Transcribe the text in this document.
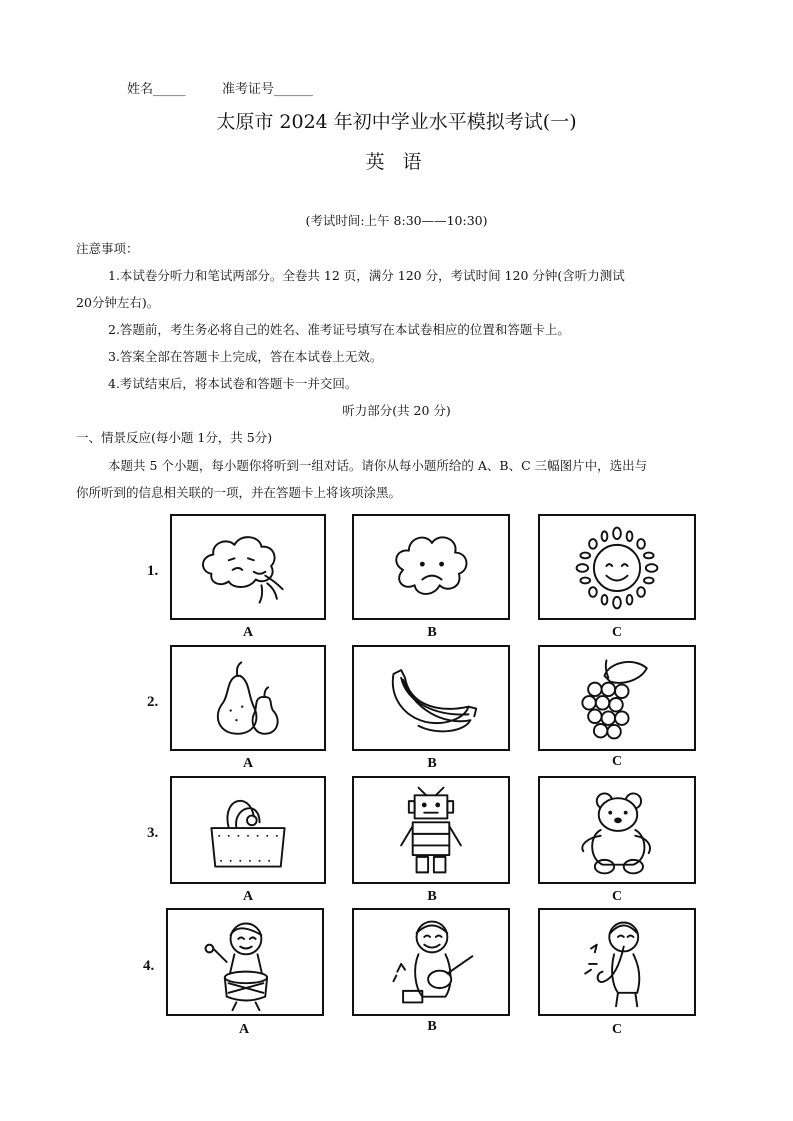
姓名_____	准考证号______
太原市 2024 年初中学业水平模拟考试(一)
英 语
(考试时间:上午 8:30——10:30)
注意事项：
1.本试卷分听力和笔试两部分。全卷共 12 页，满分 120 分，考试时间 120 分钟(含听力测试
20分钟左右)。
2.答题前，考生务必将自己的姓名、准考证号填写在本试卷相应的位置和答题卡上。
3.答案全部在答题卡上完成，答在本试卷上无效。
4.考试结束后，将本试卷和答题卡一并交回。
听力部分(共 20 分)
一、情景反应(每小题 1分，共 5分)
本题共 5 个小题，每小题你将听到一组对话。请你从每小题所给的 A、B、C 三幅图片中，选出与
你所听到的信息相关联的一项，并在答题卡上将该项涂黑。
1.
A	B	C
2.
A	B	C
3.
A	B	C
4.
A	B	C
